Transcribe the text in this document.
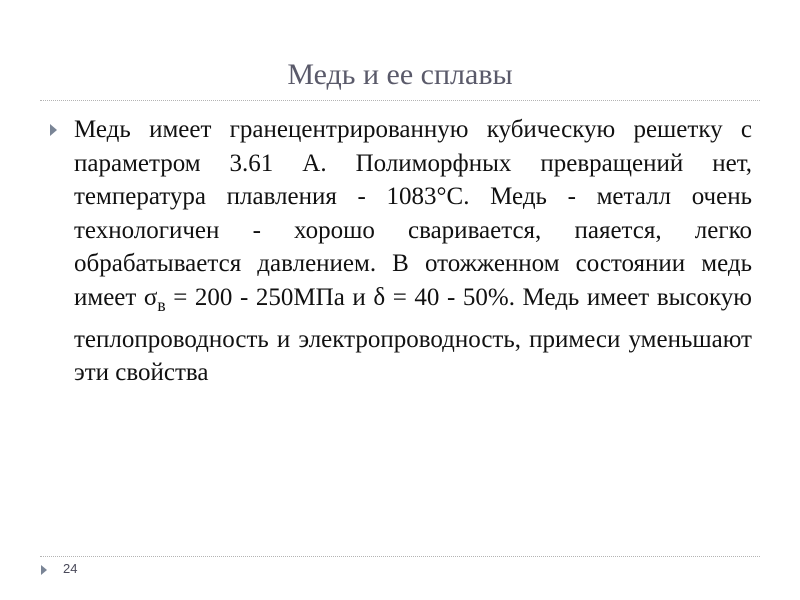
Медь и ее сплавы

Медь имеет гранецентрированную кубическую решетку с параметром 3.61 А. Полиморфных превращений нет, температура плавления - 1083°С. Медь - металл очень технологичен - хорошо сваривается, паяется, легко обрабатывается давлением. В отожженном состоянии медь имеет $\sigma_в = 200 - 250МПа$ и δ = 40 - 50%. Медь имеет высокую теплопроводность и электропроводность, примеси уменьшают эти свойства

24
